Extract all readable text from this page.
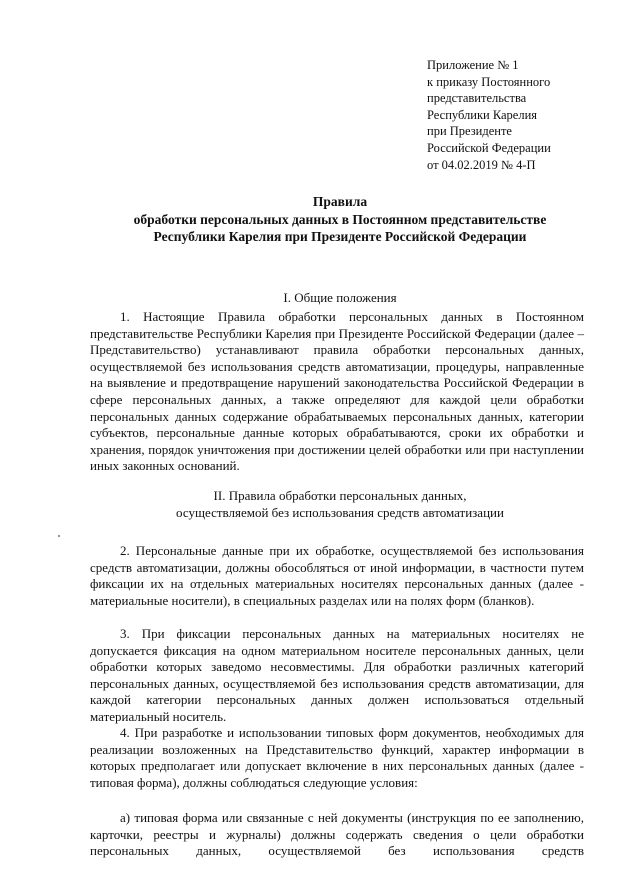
Приложение № 1
к приказу Постоянного
представительства
Республики Карелия
при Президенте
Российской Федерации
от 04.02.2019 № 4-П
Правила
обработки персональных данных в Постоянном представительстве
Республики Карелия при Президенте Российской Федерации
I. Общие положения
1. Настоящие Правила обработки персональных данных в Постоянном представительстве Республики Карелия при Президенте Российской Федерации (далее – Представительство) устанавливают правила обработки персональных данных, осуществляемой без использования средств автоматизации, процедуры, направленные на выявление и предотвращение нарушений законодательства Российской Федерации в сфере персональных данных, а также определяют для каждой цели обработки персональных данных содержание обрабатываемых персональных данных, категории субъектов, персональные данные которых обрабатываются, сроки их обработки и хранения, порядок уничтожения при достижении целей обработки или при наступлении иных законных оснований.
II. Правила обработки персональных данных,
осуществляемой без использования средств автоматизации
2. Персональные данные при их обработке, осуществляемой без использования средств автоматизации, должны обособляться от иной информации, в частности путем фиксации их на отдельных материальных носителях персональных данных (далее - материальные носители), в специальных разделах или на полях форм (бланков).
3. При фиксации персональных данных на материальных носителях не допускается фиксация на одном материальном носителе персональных данных, цели обработки которых заведомо несовместимы. Для обработки различных категорий персональных данных, осуществляемой без использования средств автоматизации, для каждой категории персональных данных должен использоваться отдельный материальный носитель.
4. При разработке и использовании типовых форм документов, необходимых для реализации возложенных на Представительство функций, характер информации в которых предполагает или допускает включение в них персональных данных (далее - типовая форма), должны соблюдаться следующие условия:
а) типовая форма или связанные с ней документы (инструкция по ее заполнению, карточки, реестры и журналы) должны содержать сведения о цели обработки персональных данных, осуществляемой без использования средств
